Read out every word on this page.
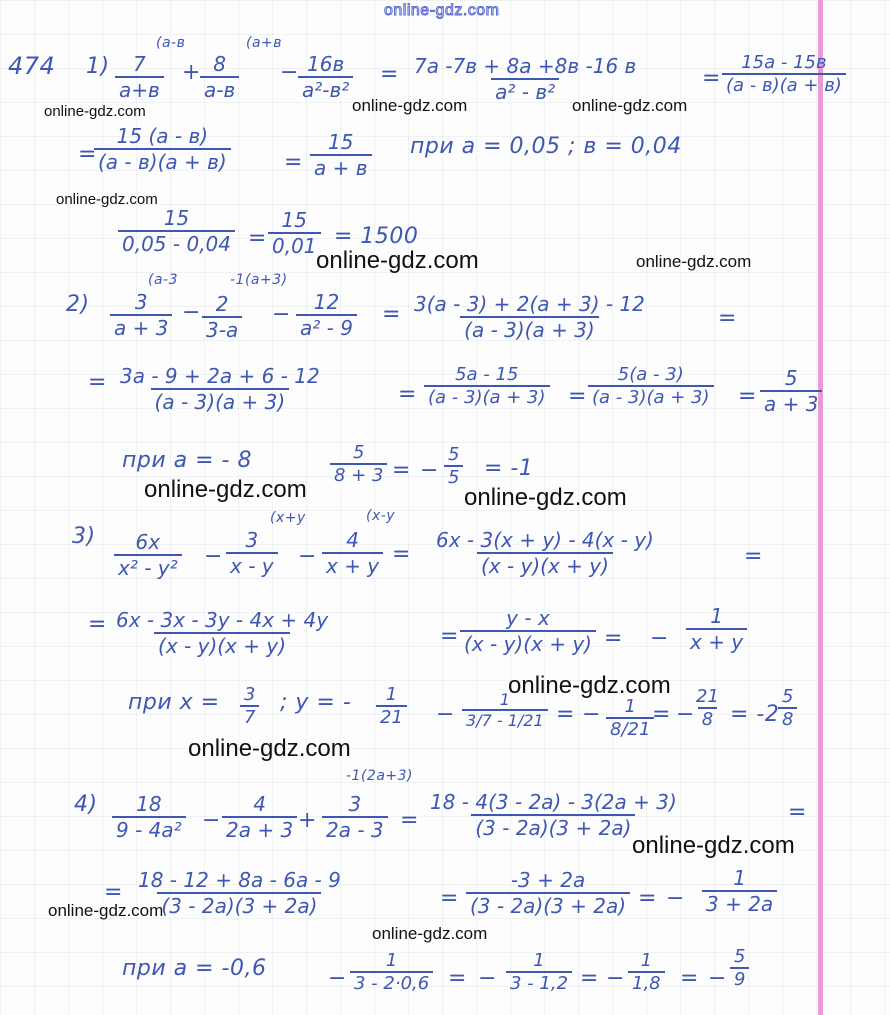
online-gdz.com
474 1)
(a-в
7
a+в
+
(a+в
8
a-в
− 16в
a²-в²
= 7a -7в + 8a +8в -16 в
a² - в²
=
15a - 15в
(a - в)(a + в)
=
15 (a - в)
(a - в)(a + в)	=
15
a + в
при a = 0,05 ; в = 0,04
$\frac{15}{0,05 - 0,04} = \frac{15}{0,01} = 1500$
2)
(a-3
$\frac{3}{a + 3}$ −
-1(a+3)
$\frac{2}{3-a} - \frac{12}{\text{a² - 9}} = \frac{3(a - 3) + 2(a + 3) - 12}{(a - 3)(a + 3)}$	=
= $\frac{3a - 9 + 2a + 6 - 12}{(a - 3)(a + 3)}$	= $\frac{5a - 15}{(a - 3)(a + 3)} = \frac{5(a - 3)}{(a - 3)(a + 3)} = \frac{5}{a + 3}$
при a = - 8	$\frac{5}{8 + 3}$ = − $\frac{5}{5} = -1$
$3) \frac{6x}{\text{x² - y²}}$ −
(x+y
$\frac{3}{x - y}$ −
(x-y
$\frac{4}{x + y} = \frac{6x - 3(x + y) - 4(x - y)}{(x - y)(x + y)}$	=
= $\frac{6x - 3x - 3y - 4x + 4y}{(x - y)(x + y)}$	= $\frac{y - x}{(x - y)(x + y)}$ = − $\frac{1}{x + y}$
при $x = \frac{3}{7}$ ; y = - $\frac{1}{21} - \frac{1}{3/7 - 1/21}$ = − $\frac{1}{8/21}$
= −
$\frac{21}{8} = -2$
$\frac{5}{8}$
$4) \frac{18}{\text{9 - 4a²}} - \frac{4}{2a + 3}$ +
-1(2a+3)
$\frac{3}{2a - 3} = \frac{18 - 4(3 - 2a) - 3(2a + 3)}{(3 - 2a)(3 + 2a)}$	=
= $\frac{18 - 12 + 8a - 6a - 9}{(3 - 2a)(3 + 2a)}$	= $\frac{-3 + 2a}{(3 - 2a)(3 + 2a)}$ = − $\frac{1}{3 + 2a}$
при a = -0,6	− $\frac{1}{3 - 2\cdot 0,6}$ = − $\frac{1}{3 - 1,2}$ = − $\frac{1}{1,8}$ = − $\frac{5}{9}$
online-gdz.com	online-gdz.com	online-gdz.com
online-gdz.com
online-gdz.com	online-gdz.com
online-gdz.com	online-gdz.com
online-gdz.com
online-gdz.com
online-gdz.com
online-gdz.com
online-gdz.com
